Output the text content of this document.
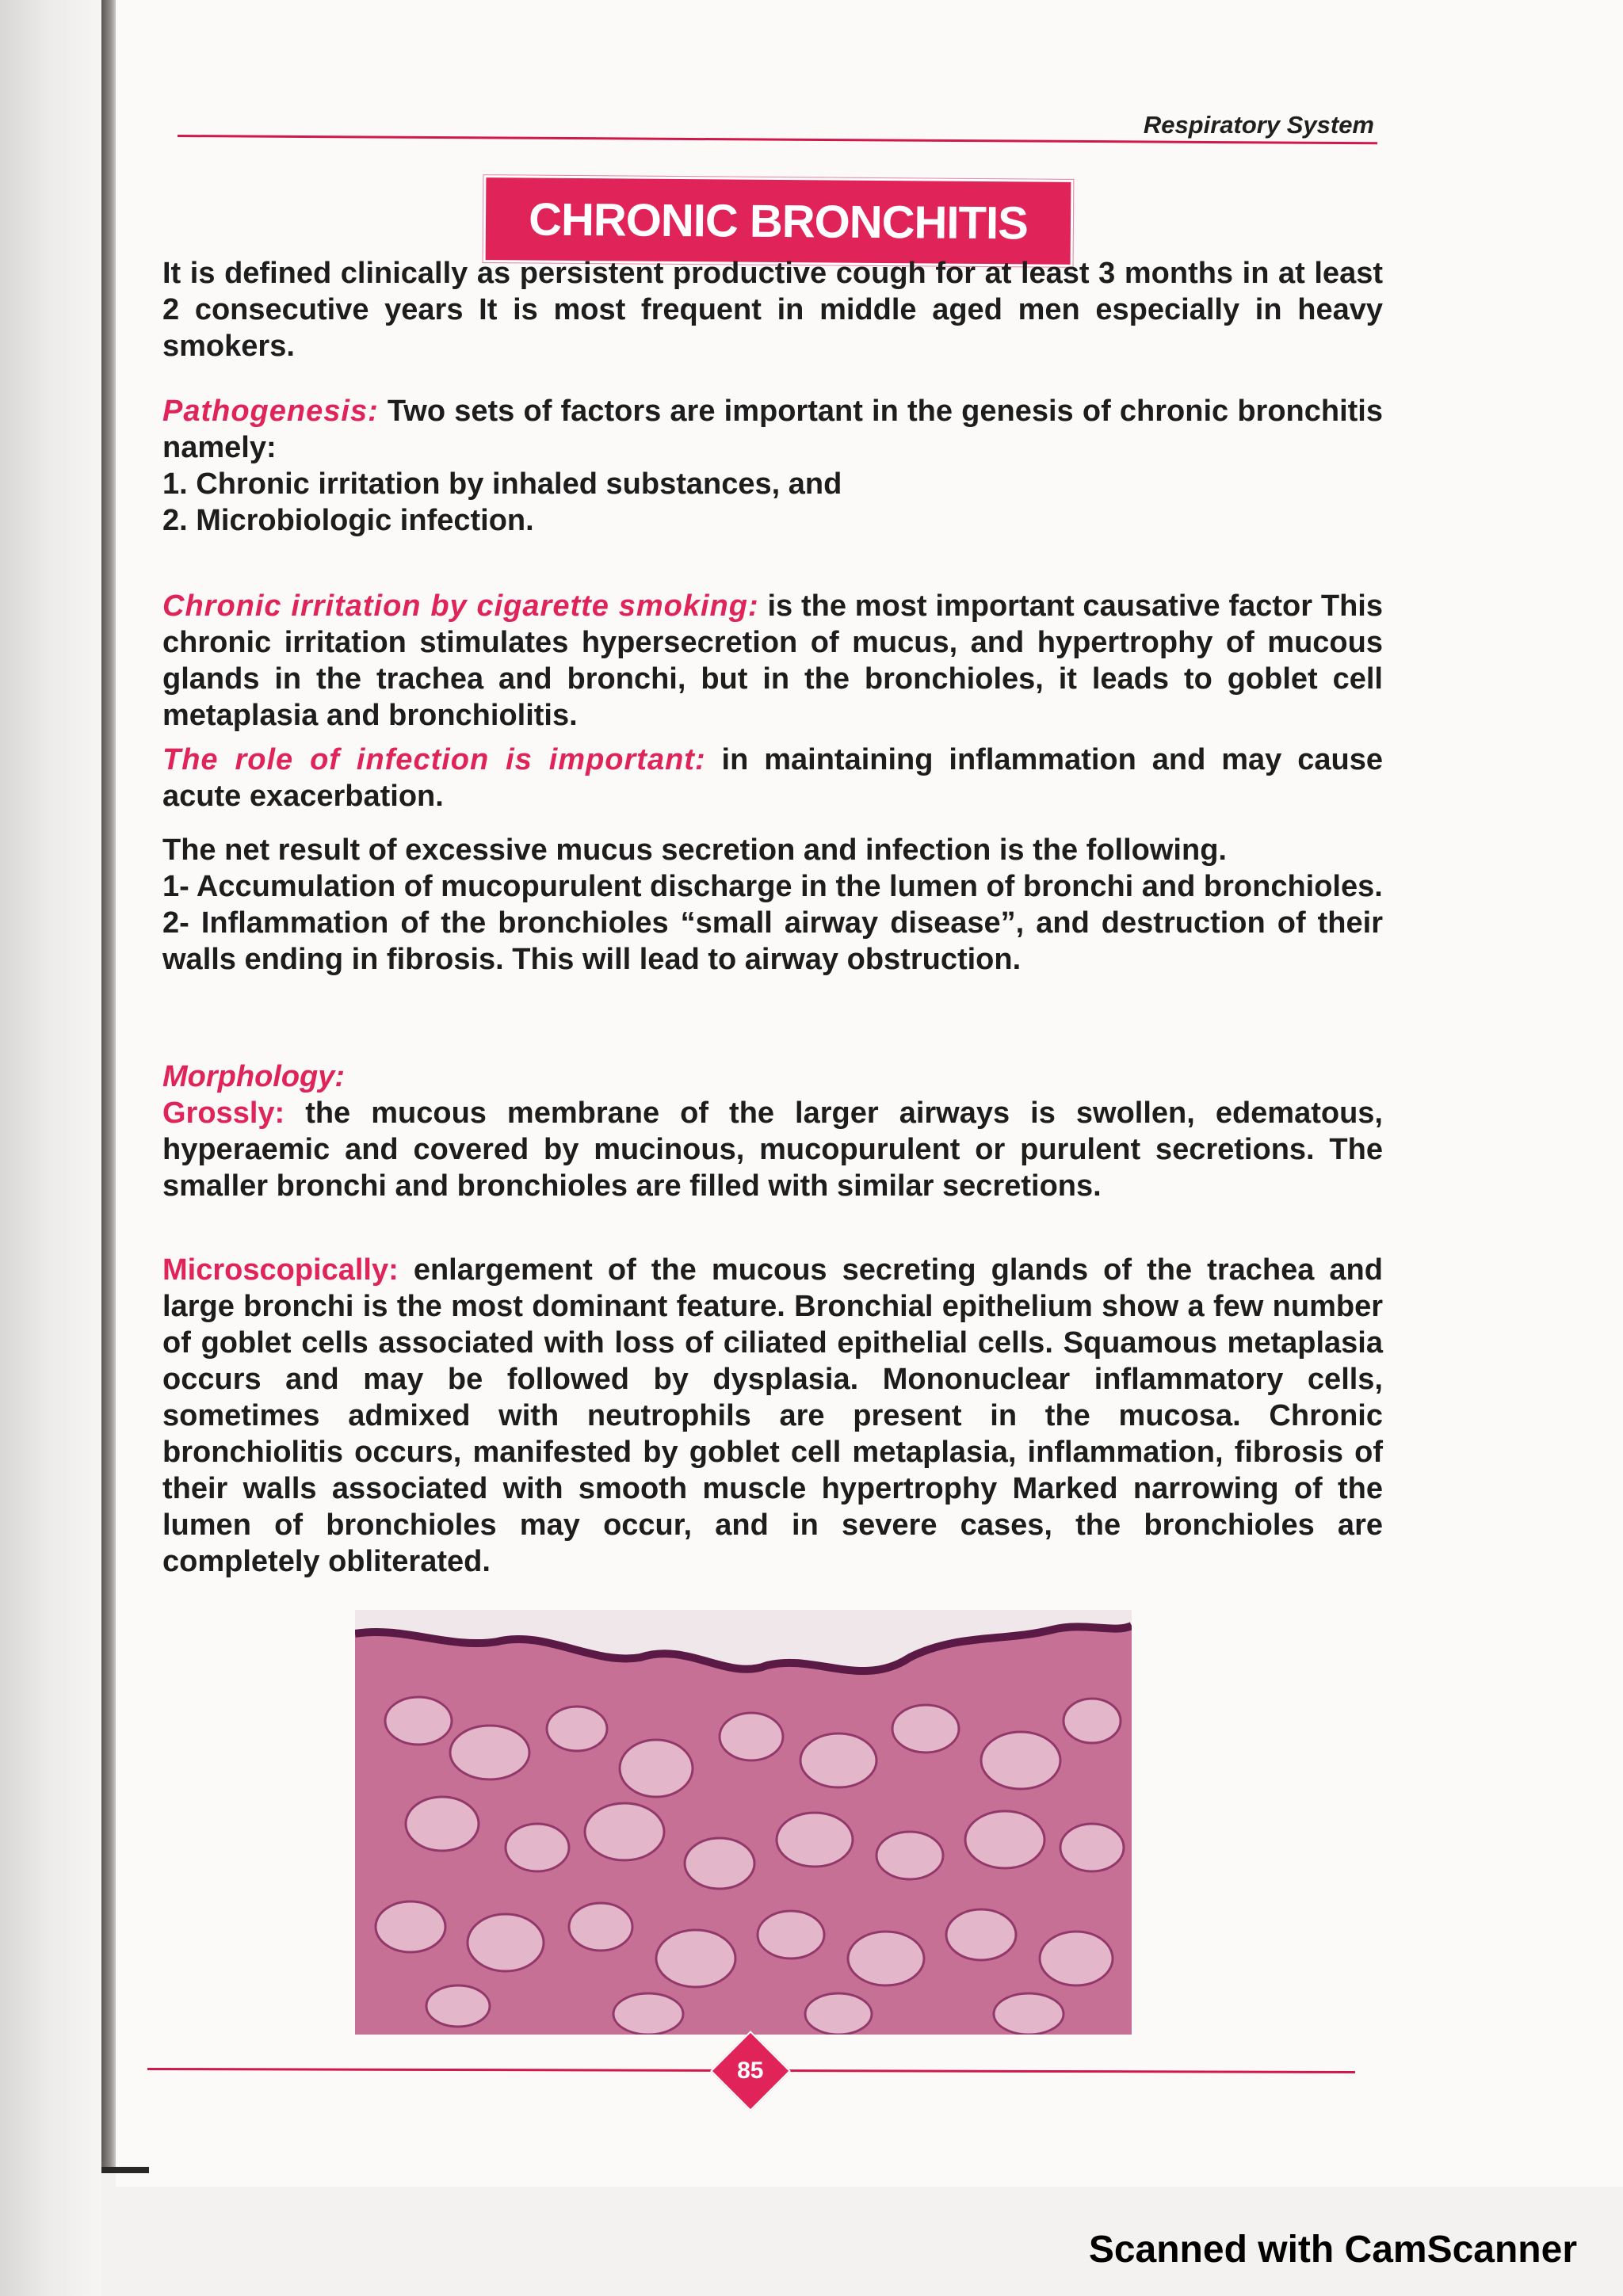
Respiratory System
CHRONIC BRONCHITIS
It is defined clinically as persistent productive cough for at least 3 months in at least 2 consecutive years It is most frequent in middle aged men especially in heavy smokers.
Pathogenesis: Two sets of factors are important in the genesis of chronic bronchitis namely:
1. Chronic irritation by inhaled substances, and
2. Microbiologic infection.
Chronic irritation by cigarette smoking: is the most important causative factor This chronic irritation stimulates hypersecretion of mucus, and hypertrophy of mucous glands in the trachea and bronchi, but in the bronchioles, it leads to goblet cell metaplasia and bronchiolitis.
The role of infection is important: in maintaining inflammation and may cause acute exacerbation.
The net result of excessive mucus secretion and infection is the following.
1- Accumulation of mucopurulent discharge in the lumen of bronchi and bronchioles.
2- Inflammation of the bronchioles “small airway disease”, and destruction of their walls ending in fibrosis. This will lead to airway obstruction.
Morphology:
Grossly: the mucous membrane of the larger airways is swollen, edematous, hyperaemic and covered by mucinous, mucopurulent or purulent secretions. The smaller bronchi and bronchioles are filled with similar secretions.
Microscopically: enlargement of the mucous secreting glands of the trachea and large bronchi is the most dominant feature. Bronchial epithelium show a few number of goblet cells associated with loss of ciliated epithelial cells. Squamous metaplasia occurs and may be followed by dysplasia. Mononuclear inflammatory cells, sometimes admixed with neutrophils are present in the mucosa. Chronic bronchiolitis occurs, manifested by goblet cell metaplasia, inflammation, fibrosis of their walls associated with smooth muscle hypertrophy Marked narrowing of the lumen of bronchioles may occur, and in severe cases, the bronchioles are completely obliterated.
85
Scanned with CamScanner
